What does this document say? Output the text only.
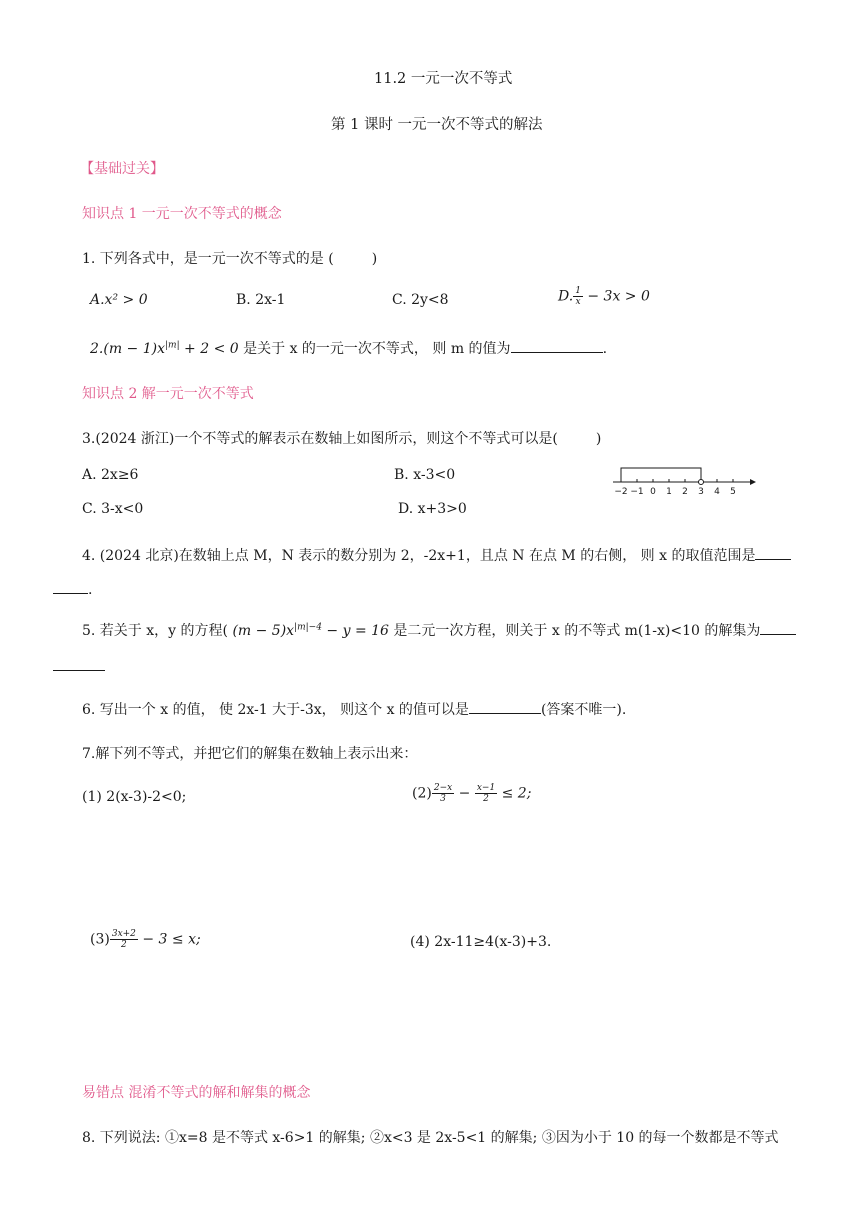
11.2 一元一次不等式
第 1 课时 一元一次不等式的解法
【基础过关】
知识点 1 一元一次不等式的概念
1. 下列各式中，是一元一次不等式的是 (	)
A.x² > 0	B. 2x-1	C. 2y<8	D. $\frac{1}{x} - 3x > 0$
$2.(m - 1)x^{|m|} + 2 < 0$ 是关于 x 的一元一次不等式， 则 m 的值为	.
知识点 2 解一元一次不等式
3.(2024 浙江)一个不等式的解表示在数轴上如图所示，则这个不等式可以是(	)
A. 2x≥6	B. x-3<0
C. 3-x<0	D. x+3>0
−2 −1 0 1 2 3 4 5
4. (2024 北京)在数轴上点 M，N 表示的数分别为 2，-2x+1，且点 N 在点 M 的右侧， 则 x 的取值范围是
.
5. 若关于 x，y 的方程( $(m - 5)x^{|m|-4} - y = 16$ 是二元一次方程，则关于 x 的不等式 m(1-x)<10 的解集为
6. 写出一个 x 的值， 使 2x-1 大于-3x， 则这个 x 的值可以是	(答案不唯一).
7.解下列不等式，并把它们的解集在数轴上表示出来：
(1) 2(x-3)-2<0;	$(2) \frac{2-x}{3} - \frac{x-1}{2} \le 2$;
$(3) \frac{3x+2}{2} - 3 \le x$;	(4) 2x-11≥4(x-3)+3.
易错点 混淆不等式的解和解集的概念
8. 下列说法: ①x=8 是不等式 x-6>1 的解集; ②x<3 是 2x-5<1 的解集; ③因为小于 10 的每一个数都是不等式
